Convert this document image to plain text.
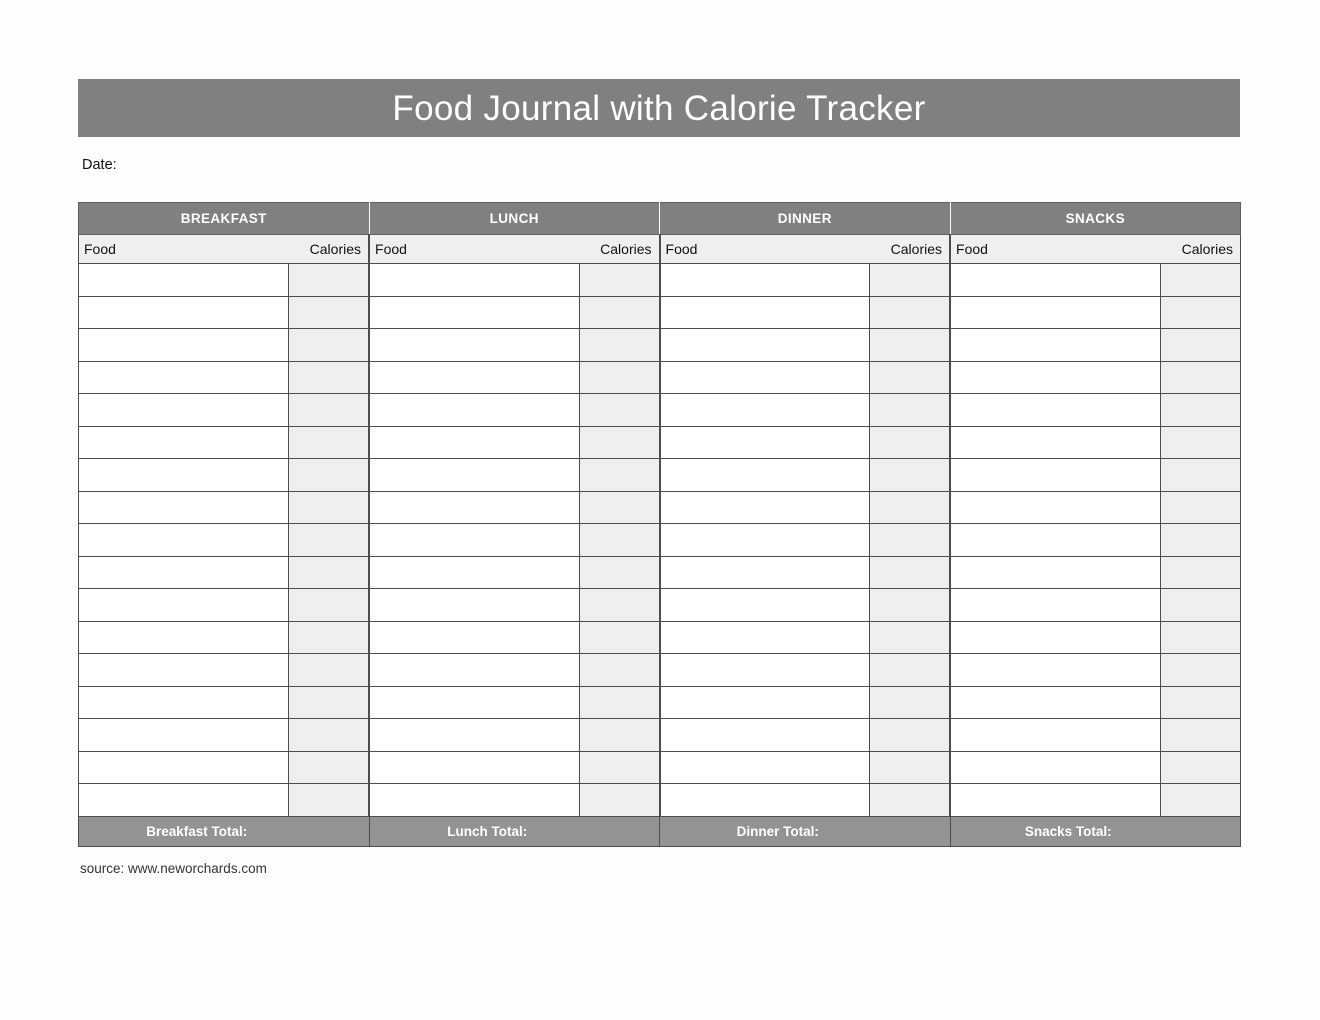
Food Journal with Calorie Tracker
Date:
BREAKFAST		LUNCH		DINNER		SNACKS	
Food	Calories	Food	Calories	Food	Calories	Food	Calories

Breakfast Total:		Lunch Total:		Dinner Total:		Snacks Total:	
source: www.neworchards.com
